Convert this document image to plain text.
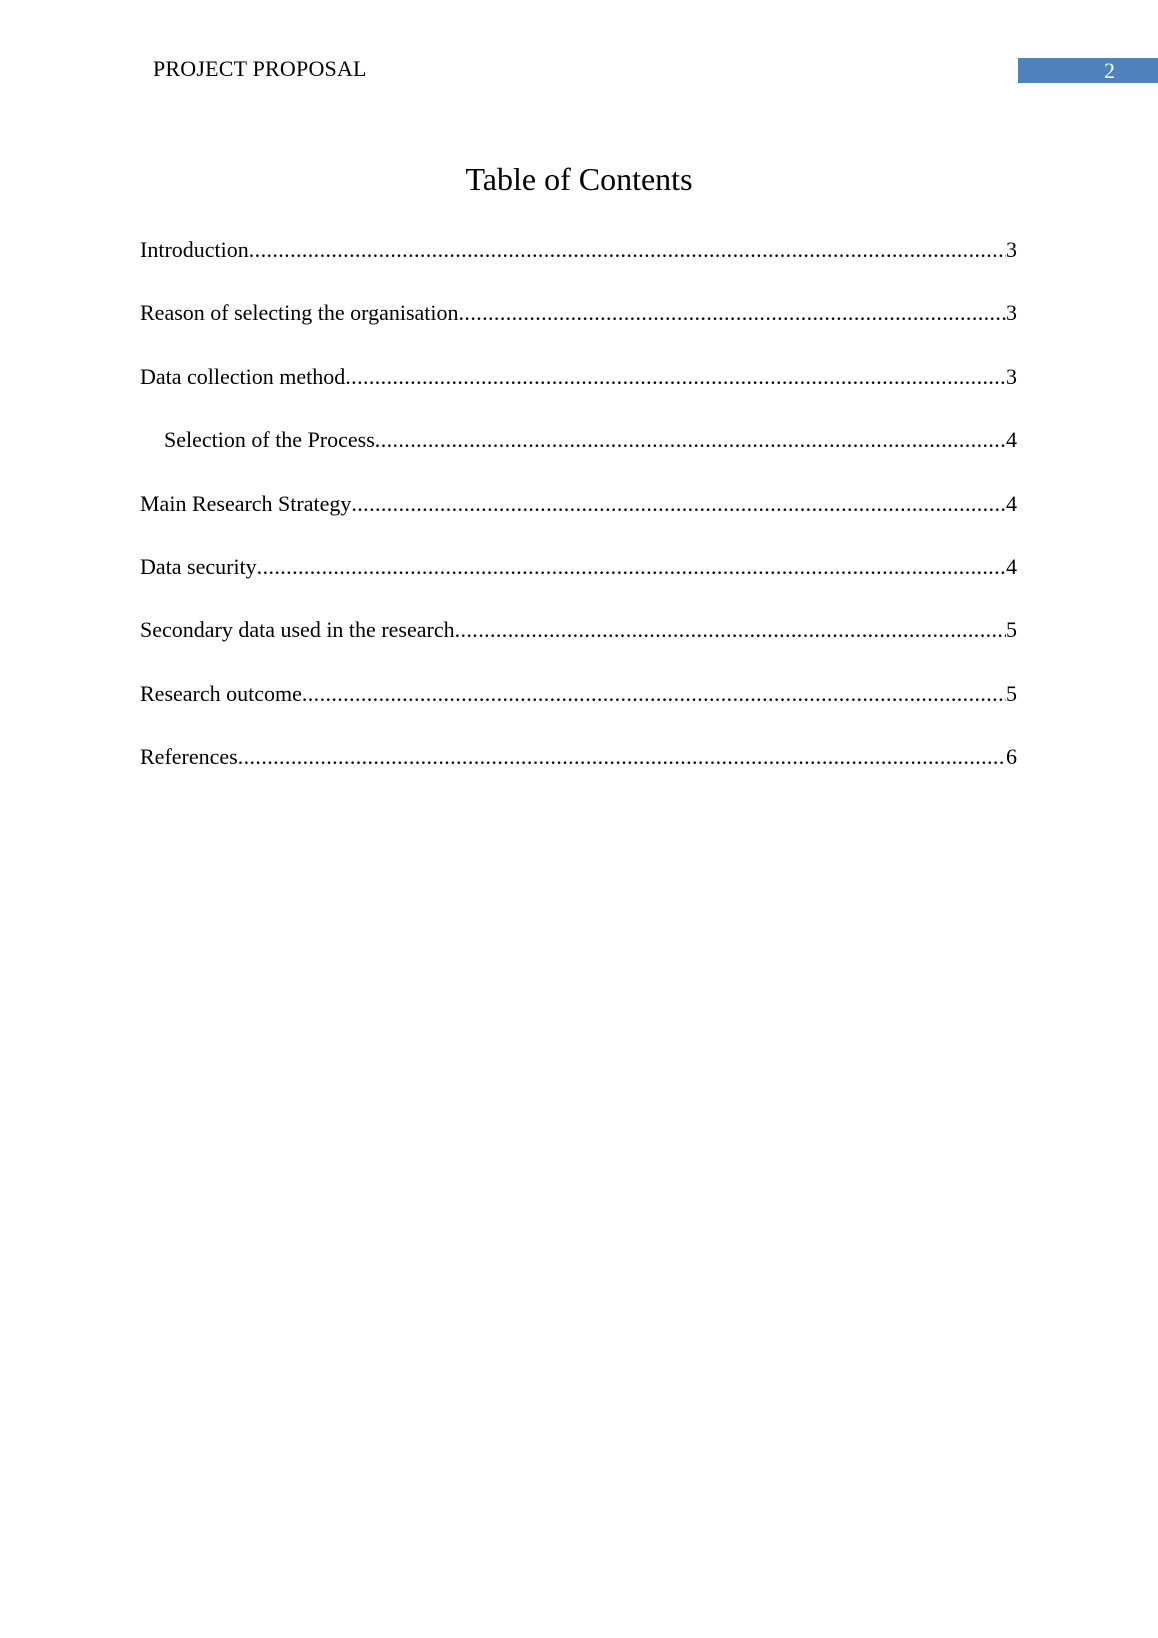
PROJECT PROPOSAL	2
Table of Contents
Introduction .....	3
Reason of selecting the organisation .....	3
Data collection method .....	3
Selection of the Process .....	4
Main Research Strategy .....	4
Data security .....	4
Secondary data used in the research .....	5
Research outcome .....	5
References .....	6
